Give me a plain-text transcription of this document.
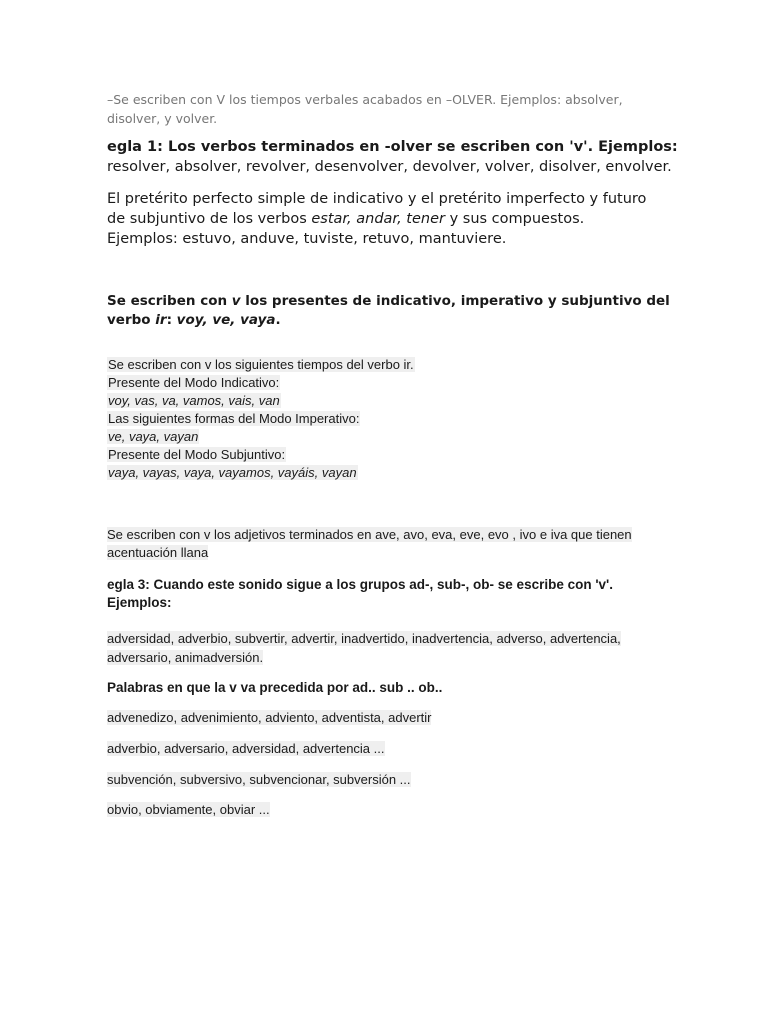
–Se escriben con V los tiempos verbales acabados en –OLVER. Ejemplos: absolver, disolver, y volver.
egla 1: Los verbos terminados en -olver se escriben con 'v'. Ejemplos: resolver, absolver, revolver, desenvolver, devolver, volver, disolver, envolver.
El pretérito perfecto simple de indicativo y el pretérito imperfecto y futuro de subjuntivo de los verbos estar, andar, tener y sus compuestos. Ejemplos: estuvo, anduve, tuviste, retuvo, mantuviere.
Se escriben con v los presentes de indicativo, imperativo y subjuntivo del verbo ir: voy, ve, vaya.
Se escriben con v los siguientes tiempos del verbo ir.
Presente del Modo Indicativo:
voy, vas, va, vamos, vais, van
Las siguientes formas del Modo Imperativo:
ve, vaya, vayan
Presente del Modo Subjuntivo:
vaya, vayas, vaya, vayamos, vayáis, vayan
Se escriben con v los adjetivos terminados en ave, avo, eva, eve, evo , ivo e iva que tienen acentuación llana
egla 3: Cuando este sonido sigue a los grupos ad-, sub-, ob- se escribe con 'v'. Ejemplos:
adversidad, adverbio, subvertir, advertir, inadvertido, inadvertencia, adverso, advertencia, adversario, animadversión.
Palabras en que la v va precedida por ad.. sub .. ob..
advenedizo, advenimiento, adviento, adventista, advertir
adverbio, adversario, adversidad, advertencia ...
subvención, subversivo, subvencionar, subversión ...
obvio, obviamente, obviar ...
